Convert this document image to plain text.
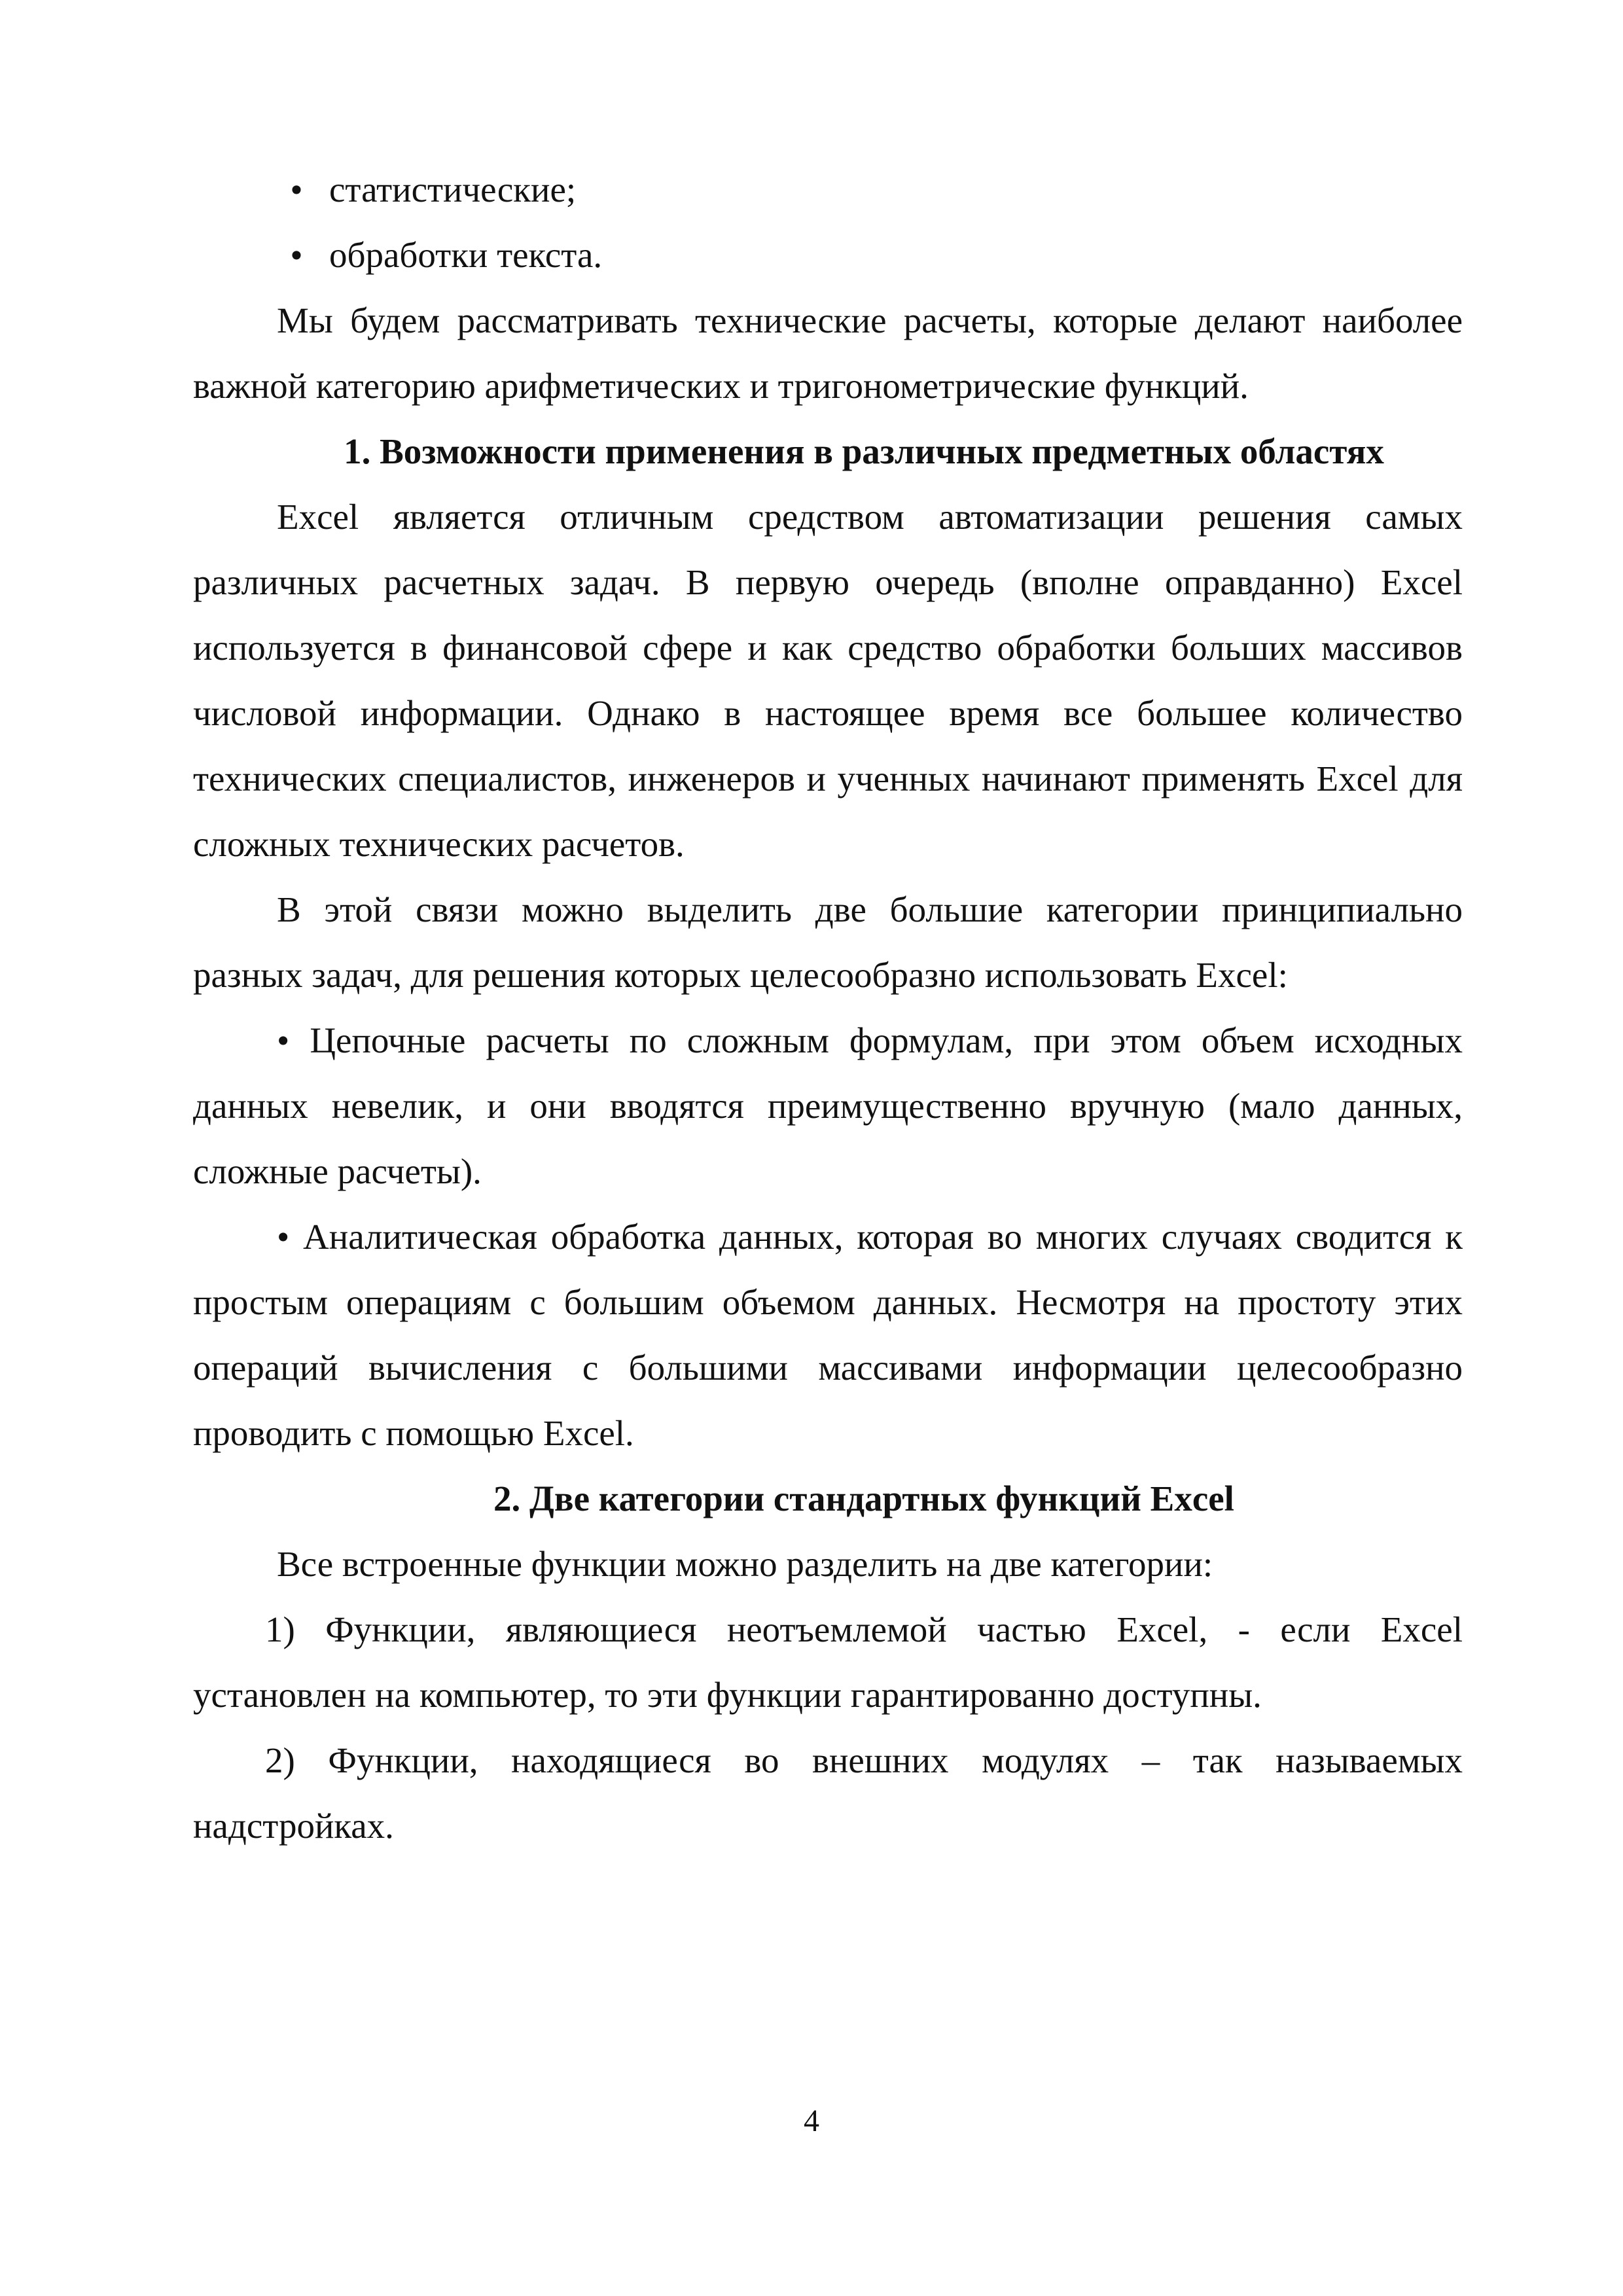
• статистические;

• обработки текста.

Мы будем рассматривать технические расчеты, которые делают наиболее важной категорию арифметических и тригонометрические функций.

1. Возможности применения в различных предметных областях

Excel является отличным средством автоматизации решения самых различных расчетных задач. В первую очередь (вполне оправданно) Excel используется в финансовой сфере и как средство обработки больших массивов числовой информации. Однако в настоящее время все большее количество технических специалистов, инженеров и ученных начинают применять Excel для сложных технических расчетов.

В этой связи можно выделить две большие категории принципиально разных задач, для решения которых целесообразно использовать Excel:

• Цепочные расчеты по сложным формулам, при этом объем исходных данных невелик, и они вводятся преимущественно вручную (мало данных, сложные расчеты).

• Аналитическая обработка данных, которая во многих случаях сводится к простым операциям с большим объемом данных. Несмотря на простоту этих операций вычисления с большими массивами информации целесообразно проводить с помощью Excel.

2. Две категории стандартных функций Excel

Все встроенные функции можно разделить на две категории:

1) Функции, являющиеся неотъемлемой частью Excel, - если Excel установлен на компьютер, то эти функции гарантированно доступны.

2) Функции, находящиеся во внешних модулях – так называемых надстройках.

4
